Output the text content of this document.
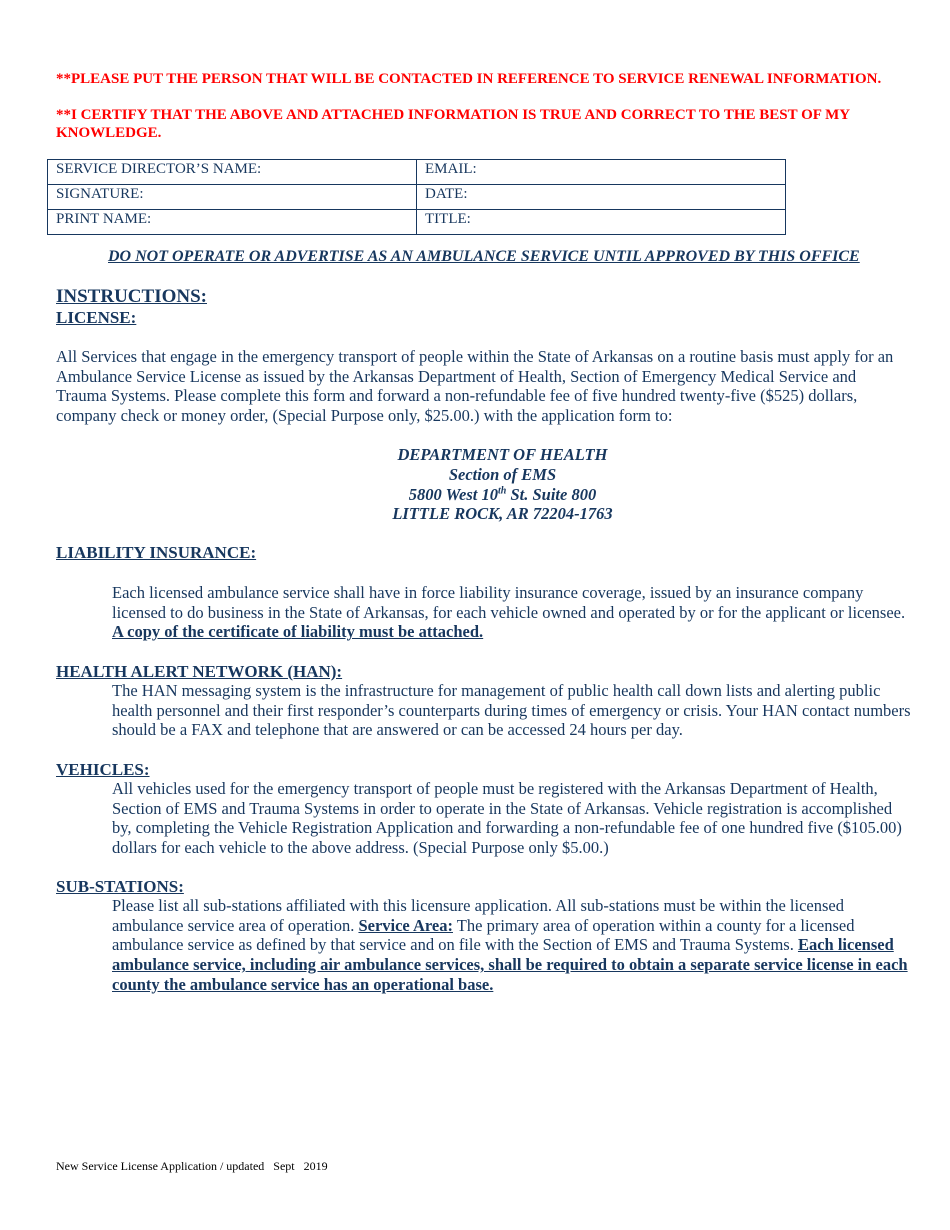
**PLEASE PUT THE PERSON THAT WILL BE CONTACTED IN REFERENCE TO SERVICE RENEWAL INFORMATION.
**I CERTIFY THAT THE ABOVE AND ATTACHED INFORMATION IS TRUE AND CORRECT TO THE BEST OF MY KNOWLEDGE.
SERVICE DIRECTOR’S NAME:	EMAIL:
SIGNATURE:	DATE:
PRINT NAME:	TITLE:
DO NOT OPERATE OR ADVERTISE AS AN AMBULANCE SERVICE UNTIL APPROVED BY THIS OFFICE
INSTRUCTIONS:
LICENSE:
All Services that engage in the emergency transport of people within the State of Arkansas on a routine basis must apply for an Ambulance Service License as issued by the Arkansas Department of Health, Section of Emergency Medical Service and Trauma Systems. Please complete this form and forward a non-refundable fee of five hundred twenty-five ($525) dollars, company check or money order, (Special Purpose only, $25.00.) with the application form to:
DEPARTMENT OF HEALTH
Section of EMS
5800 West 10th St. Suite 800
LITTLE ROCK, AR 72204-1763
LIABILITY INSURANCE:
Each licensed ambulance service shall have in force liability insurance coverage, issued by an insurance company licensed to do business in the State of Arkansas, for each vehicle owned and operated by or for the applicant or licensee. A copy of the certificate of liability must be attached.
HEALTH ALERT NETWORK (HAN):
The HAN messaging system is the infrastructure for management of public health call down lists and alerting public health personnel and their first responder’s counterparts during times of emergency or crisis. Your HAN contact numbers should be a FAX and telephone that are answered or can be accessed 24 hours per day.
VEHICLES:
All vehicles used for the emergency transport of people must be registered with the Arkansas Department of Health, Section of EMS and Trauma Systems in order to operate in the State of Arkansas. Vehicle registration is accomplished by, completing the Vehicle Registration Application and forwarding a non-refundable fee of one hundred five ($105.00) dollars for each vehicle to the above address. (Special Purpose only $5.00.)
SUB-STATIONS:
Please list all sub-stations affiliated with this licensure application. All sub-stations must be within the licensed ambulance service area of operation. Service Area: The primary area of operation within a county for a licensed ambulance service as defined by that service and on file with the Section of EMS and Trauma Systems. Each licensed ambulance service, including air ambulance services, shall be required to obtain a separate service license in each county the ambulance service has an operational base.
New Service License Application / updated   Sept   2019
